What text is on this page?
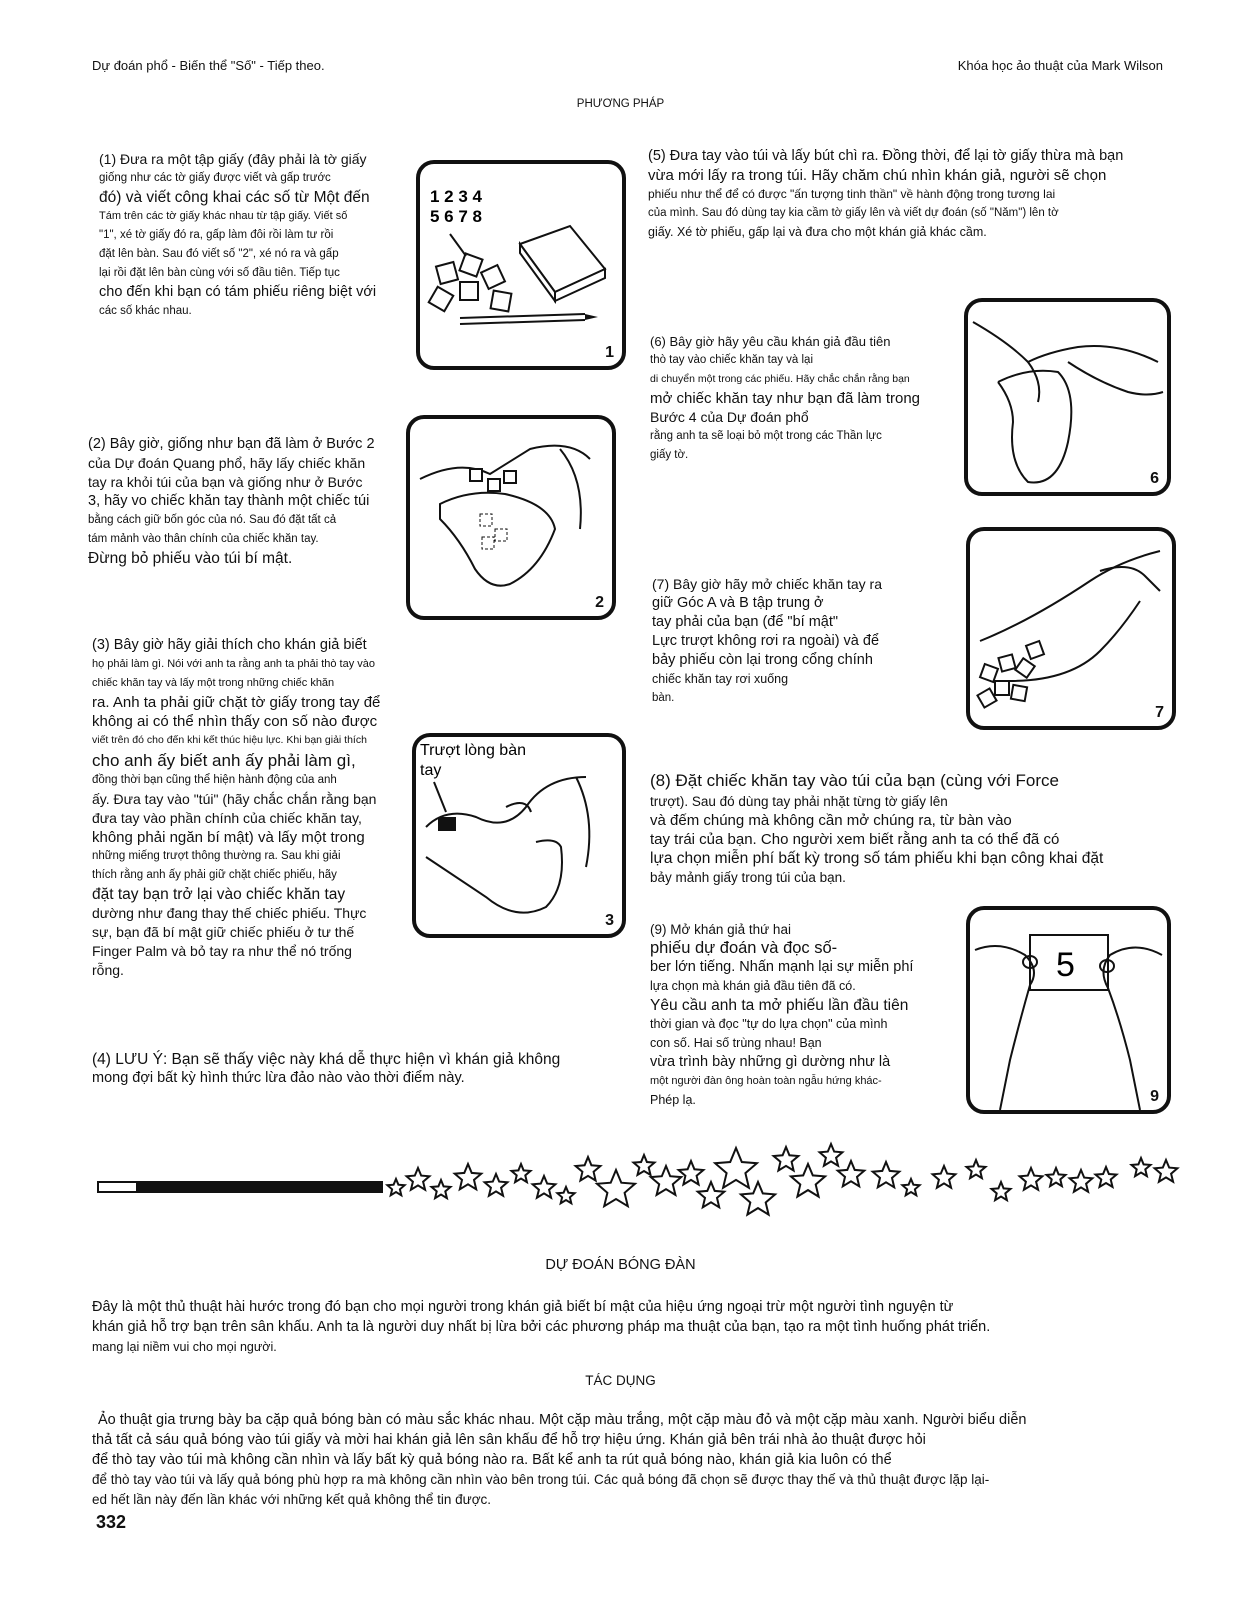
Dự đoán phổ - Biến thể "Số" - Tiếp theo.	Khóa học ảo thuật của Mark Wilson
PHƯƠNG PHÁP
(1) Đưa ra một tập giấy (đây phải là tờ giấy
giống như các tờ giấy được viết và gấp trước
đó) và viết công khai các số từ Một đến
Tám trên các tờ giấy khác nhau từ tập giấy. Viết số
"1", xé tờ giấy đó ra, gấp làm đôi rồi làm tư rồi
đặt lên bàn. Sau đó viết số "2", xé nó ra và gấp
lại rồi đặt lên bàn cùng với số đầu tiên. Tiếp tục
cho đến khi bạn có tám phiếu riêng biệt với
các số khác nhau.
1 2 3 4
5 6 7 8
1
(2) Bây giờ, giống như bạn đã làm ở Bước 2
của Dự đoán Quang phổ, hãy lấy chiếc khăn
tay ra khỏi túi của bạn và giống như ở Bước
3, hãy vo chiếc khăn tay thành một chiếc túi
bằng cách giữ bốn góc của nó. Sau đó đặt tất cả
tám mảnh vào thân chính của chiếc khăn tay.
Đừng bỏ phiếu vào túi bí mật.
2
(3) Bây giờ hãy giải thích cho khán giả biết
họ phải làm gì. Nói với anh ta rằng anh ta phải thò tay vào
chiếc khăn tay và lấy một trong những chiếc khăn
ra. Anh ta phải giữ chặt tờ giấy trong tay để
không ai có thể nhìn thấy con số nào được
viết trên đó cho đến khi kết thúc hiệu lực. Khi bạn giải thích
cho anh ấy biết anh ấy phải làm gì,
đồng thời bạn cũng thể hiện hành động của anh
ấy. Đưa tay vào "túi" (hãy chắc chắn rằng bạn
đưa tay vào phần chính của chiếc khăn tay,
không phải ngăn bí mật) và lấy một trong
những miếng trượt thông thường ra. Sau khi giải
thích rằng anh ấy phải giữ chặt chiếc phiếu, hãy
đặt tay bạn trở lại vào chiếc khăn tay
dường như đang thay thế chiếc phiếu. Thực
sự, bạn đã bí mật giữ chiếc phiếu ở tư thế
Finger Palm và bỏ tay ra như thể nó trống
rỗng.
Trượt lòng bàn
tay
3
(4) LƯU Ý: Bạn sẽ thấy việc này khá dễ thực hiện vì khán giả không
mong đợi bất kỳ hình thức lừa đảo nào vào thời điểm này.
(5) Đưa tay vào túi và lấy bút chì ra. Đồng thời, để lại tờ giấy thừa mà bạn
vừa mới lấy ra trong túi. Hãy chăm chú nhìn khán giả, người sẽ chọn
phiếu như thể để có được "ấn tượng tinh thần" về hành động trong tương lai
của mình. Sau đó dùng tay kia cầm tờ giấy lên và viết dự đoán (số "Năm") lên tờ
giấy. Xé tờ phiếu, gấp lại và đưa cho một khán giả khác cầm.
(6) Bây giờ hãy yêu cầu khán giả đầu tiên
thò tay vào chiếc khăn tay và lại
di chuyển một trong các phiếu. Hãy chắc chắn rằng bạn
mở chiếc khăn tay như bạn đã làm trong
Bước 4 của Dự đoán phổ
rằng anh ta sẽ loại bỏ một trong các Thần lực
giấy tờ.
6
(7) Bây giờ hãy mở chiếc khăn tay ra
giữ Góc A và B tập trung ở
tay phải của bạn (để "bí mật"
Lực trượt không rơi ra ngoài) và để
bảy phiếu còn lại trong cổng chính
chiếc khăn tay rơi xuống
bàn.
7
(8) Đặt chiếc khăn tay vào túi của bạn (cùng với Force
trượt). Sau đó dùng tay phải nhặt từng tờ giấy lên
và đếm chúng mà không cần mở chúng ra, từ bàn vào
tay trái của bạn. Cho người xem biết rằng anh ta có thể đã có
lựa chọn miễn phí bất kỳ trong số tám phiếu khi bạn công khai đặt
bảy mảnh giấy trong túi của bạn.
(9) Mở khán giả thứ hai
phiếu dự đoán và đọc số-
ber lớn tiếng. Nhấn mạnh lại sự miễn phí
lựa chọn mà khán giả đầu tiên đã có.
Yêu cầu anh ta mở phiếu lần đầu tiên
thời gian và đọc "tự do lựa chọn" của mình
con số. Hai số trùng nhau! Bạn
vừa trình bày những gì dường như là
một người đàn ông hoàn toàn ngẫu hứng khác-
Phép lạ.
5
9
DỰ ĐOÁN BÓNG ĐÀN
Đây là một thủ thuật hài hước trong đó bạn cho mọi người trong khán giả biết bí mật của hiệu ứng ngoại trừ một người tình nguyện từ
khán giả hỗ trợ bạn trên sân khấu. Anh ta là người duy nhất bị lừa bởi các phương pháp ma thuật của bạn, tạo ra một tình huống phát triển.
mang lại niềm vui cho mọi người.
TÁC DỤNG
Ảo thuật gia trưng bày ba cặp quả bóng bàn có màu sắc khác nhau. Một cặp màu trắng, một cặp màu đỏ và một cặp màu xanh. Người biểu diễn
thả tất cả sáu quả bóng vào túi giấy và mời hai khán giả lên sân khấu để hỗ trợ hiệu ứng. Khán giả bên trái nhà ảo thuật được hỏi
để thò tay vào túi mà không cần nhìn và lấy bất kỳ quả bóng nào ra. Bất kể anh ta rút quả bóng nào, khán giả kia luôn có thể
để thò tay vào túi và lấy quả bóng phù hợp ra mà không cần nhìn vào bên trong túi. Các quả bóng đã chọn sẽ được thay thế và thủ thuật được lặp lại-
ed hết lần này đến lần khác với những kết quả không thể tin được.
332
